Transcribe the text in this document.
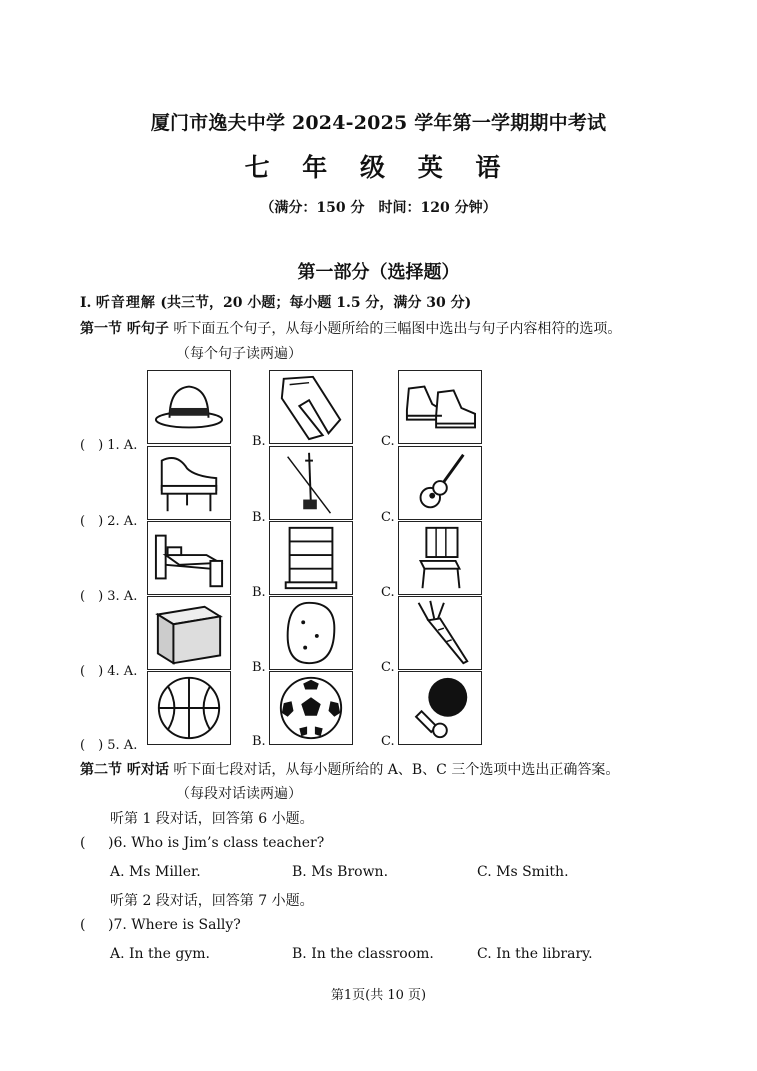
厦门市逸夫中学 2024-2025 学年第一学期期中考试
七 年 级 英 语
（满分：150 分　时间：120 分钟）
第一部分（选择题）
I. 听音理解 (共三节，20 小题；每小题 1.5 分，满分 30 分)
第一节 听句子 听下面五个句子，从每小题所给的三幅图中选出与句子内容相符的选项。
（每个句子读两遍）
(　) 1. A.	B.	C.
(　) 2. A.	B.	C.
(　) 3. A.	B.	C.
(　) 4. A.	B.	C.
(　) 5. A.	B.	C.
第二节 听对话 听下面七段对话，从每小题所给的 A、B、C 三个选项中选出正确答案。
（每段对话读两遍）
听第 1 段对话，回答第 6 小题。
( )6. Who is Jim’s class teacher?
A. Ms Miller.	B. Ms Brown.	C. Ms Smith.
听第 2 段对话，回答第 7 小题。
( )7. Where is Sally?
A. In the gym.	B. In the classroom.	C. In the library.
第1页(共 10 页)
